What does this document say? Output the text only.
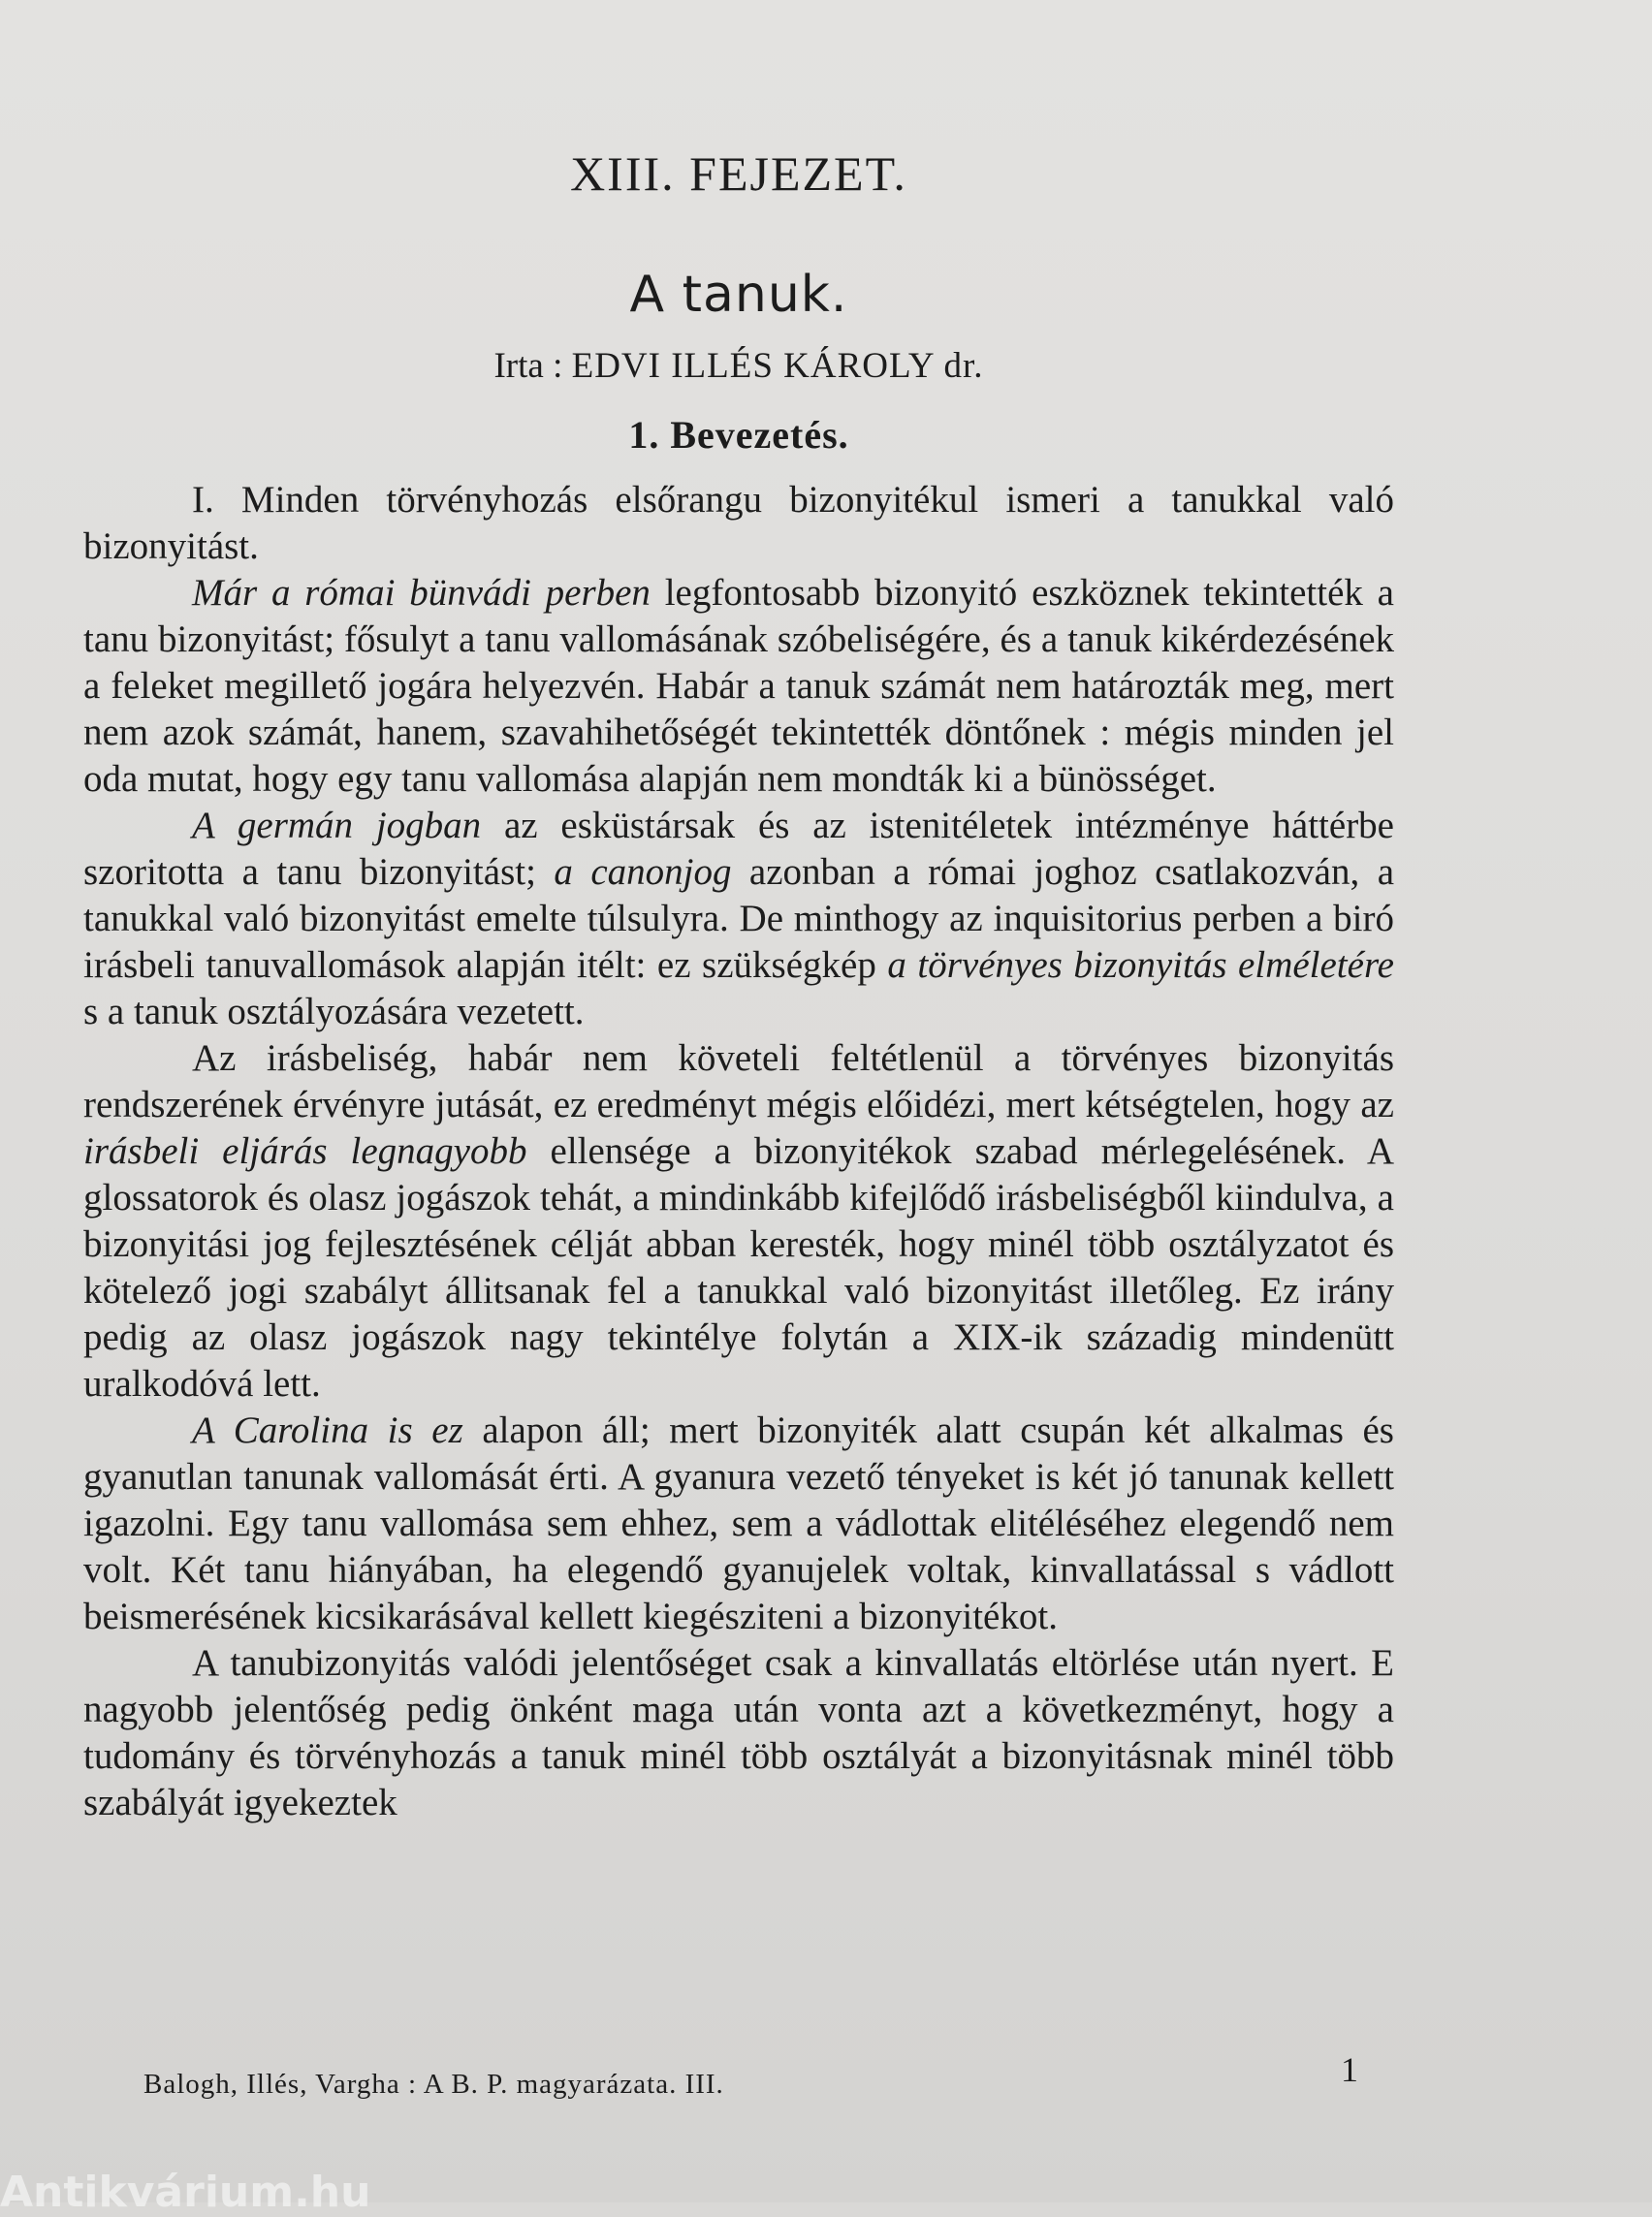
XIII. FEJEZET.
A tanuk.
Irta : EDVI ILLÉS KÁROLY dr.
1. Bevezetés.

I. Minden törvényhozás elsőrangu bizonyitékul ismeri a tanukkal való bizonyitást.

Már a római bünvádi perben legfontosabb bizonyitó eszköznek tekintették a tanu bizonyitást; fősulyt a tanu vallomásának szóbeliségére, és a tanuk kikérdezésének a feleket megillető jogára helyezvén. Habár a tanuk számát nem határozták meg, mert nem azok számát, hanem, szavahihetőségét tekintették döntőnek : mégis minden jel oda mutat, hogy egy tanu vallomása alapján nem mondták ki a bünösséget.

A germán jogban az esküstársak és az istenitéletek intézménye háttérbe szoritotta a tanu bizonyitást; a canonjog azonban a római joghoz csatlakozván, a tanukkal való bizonyitást emelte túlsulyra. De minthogy az inquisitorius perben a biró irásbeli tanuvallomások alapján itélt: ez szükségkép a törvényes bizonyitás elméletére s a tanuk osztályozására vezetett.

Az irásbeliség, habár nem követeli feltétlenül a törvényes bizonyitás rendszerének érvényre jutását, ez eredményt mégis előidézi, mert kétségtelen, hogy az irásbeli eljárás legnagyobb ellensége a bizonyitékok szabad mérlegelésének. A glossatorok és olasz jogászok tehát, a mindinkább kifejlődő irásbeliségből kiindulva, a bizonyitási jog fejlesztésének célját abban keresték, hogy minél több osztályzatot és kötelező jogi szabályt állitsanak fel a tanukkal való bizonyitást illetőleg. Ez irány pedig az olasz jogászok nagy tekintélye folytán a XIX-ik századig mindenütt uralkodóvá lett.

A Carolina is ez alapon áll; mert bizonyiték alatt csupán két alkalmas és gyanutlan tanunak vallomását érti. A gyanura vezető tényeket is két jó tanunak kellett igazolni. Egy tanu vallomása sem ehhez, sem a vádlottak elitéléséhez elegendő nem volt. Két tanu hiányában, ha elegendő gyanujelek voltak, kinvallatással s vádlott beismerésének kicsikarásával kellett kiegésziteni a bizonyitékot.

A tanubizonyitás valódi jelentőséget csak a kinvallatás eltörlése után nyert. E nagyobb jelentőség pedig önként maga után vonta azt a következményt, hogy a tudomány és törvényhozás a tanuk minél több osztályát a bizonyitásnak minél több szabályát igyekeztek

Balogh, Illés, Vargha : A B. P. magyarázata. III.	1
Antikvárium.hu
